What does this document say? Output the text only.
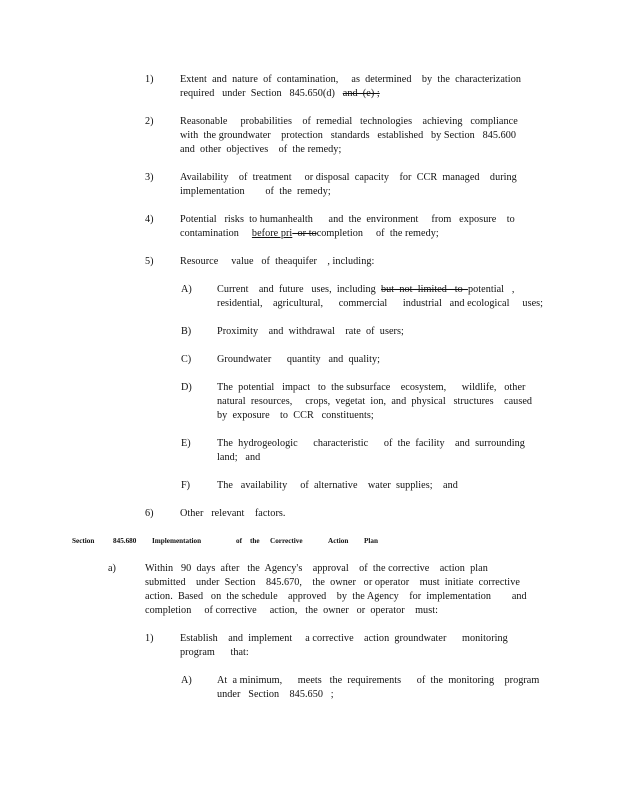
1)	Extent  and  nature  of  contamination,     as  determined    by  the  characterization
required   under  Section   845.650(d)   and  (e) ;
2)	Reasonable     probabilities    of  remedial   technologies    achieving   compliance
with  the groundwater    protection   standards   established   by Section   845.600
and  other  objectives    of  the remedy;
3)	Availability    of  treatment     or disposal  capacity    for  CCR  managed    during
implementation        of  the  remedy;
4)	Potential   risks  to humanhealth      and  the  environment     from   exposure    to
contamination     before pri  or tocompletion     of  the remedy;
5)	Resource     value   of  theaquifer    , including:
A) Current    and  future   uses,  including  but  not  limited   to  potential   ,
residential,    agricultural,      commercial      industrial   and ecological     uses;
B)	Proximity    and  withdrawal    rate  of  users;
C)	Groundwater      quantity   and  quality;
D) The  potential   impact   to  the subsurface    ecosystem,      wildlife,   other
natural  resources,     crops,  vegetat  ion,  and  physical   structures    caused
by  exposure    to  CCR   constituents;
E)	The  hydrogeologic      characteristic      of  the  facility    and  surrounding
land;   and
F)	The   availability     of  alternative    water  supplies;    and
6)	Other   relevant    factors.
Section	845.680 Implementation	of the Corrective	Action Plan
a)	Within   90  days  after   the  Agency's    approval    of  the corrective    action  plan
submitted    under  Section    845.670,    the  owner   or operator    must  initiate  corrective
action.  Based   on  the schedule    approved    by  the Agency    for  implementation        and
completion     of corrective     action,   the  owner   or  operator    must:
1)	Establish    and  implement     a corrective    action  groundwater      monitoring
program      that:
A) At  a minimum,      meets   the  requirements      of  the  monitoring    program
under   Section    845.650   ;
